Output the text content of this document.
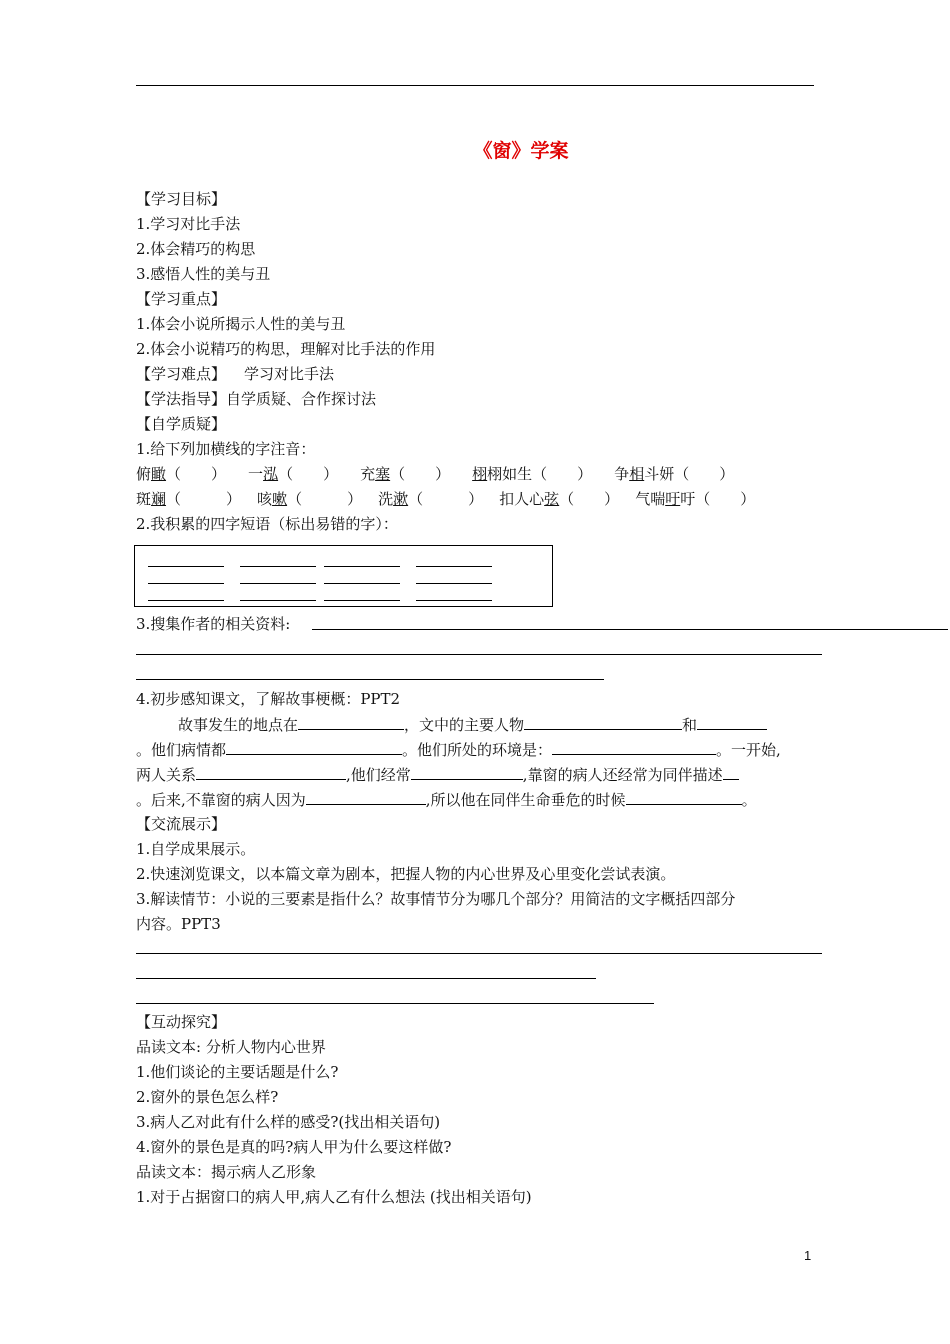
《窗》学案
【学习目标】
1.学习对比手法
2.体会精巧的构思
3.感悟人性的美与丑
【学习重点】
1.体会小说所揭示人性的美与丑
2.体会小说精巧的构思，理解对比手法的作用
【学习难点】 学习对比手法
【学法指导】自学质疑、合作探讨法
【自学质疑】
1.给下列加横线的字注音：
俯瞰（　　） 一泓（　　） 充塞（　　） 栩栩如生（　　） 争相斗妍（　　）
斑斓（　　　） 咳嗽（　　　） 洗漱（　　　） 扣人心弦（　　） 气喘吁吁（　　）
2.我积累的四字短语（标出易错的字）：
3.搜集作者的相关资料:
4.初步感知课文，了解故事梗概：PPT2
故事发生的地点在	，文中的主要人物	和
。他们病情都	。他们所处的环境是：	。一开始,
两人关系	,他们经常	,靠窗的病人还经常为同伴描述
。后来,不靠窗的病人因为	,所以他在同伴生命垂危的时候	。
【交流展示】
1.自学成果展示。
2.快速浏览课文，以本篇文章为剧本，把握人物的内心世界及心里变化尝试表演。
3.解读情节：小说的三要素是指什么？故事情节分为哪几个部分？用简洁的文字概括四部分
内容。PPT3
【互动探究】
品读文本: 分析人物内心世界
1.他们谈论的主要话题是什么?
2.窗外的景色怎么样?
3.病人乙对此有什么样的感受?(找出相关语句)
4.窗外的景色是真的吗?病人甲为什么要这样做?
品读文本：揭示病人乙形象
1.对于占据窗口的病人甲,病人乙有什么想法 (找出相关语句)
1
